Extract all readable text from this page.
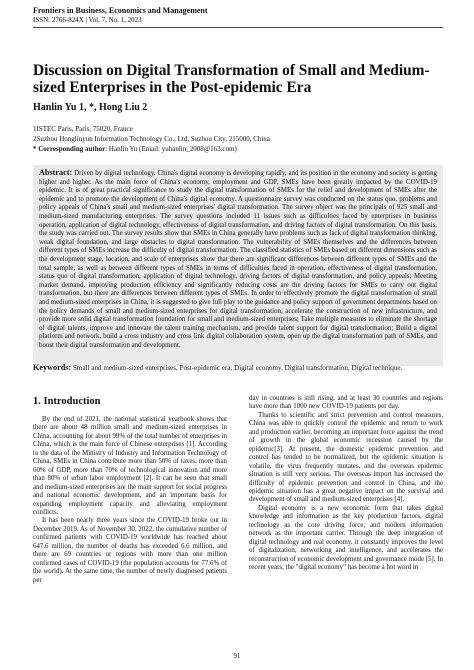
Frontiers in Business, Economics and Management
ISSN: 2766-824X | Vol. 7, No. 1, 2023
Discussion on Digital Transformation of Small and Medium-sized Enterprises in the Post-epidemic Era
Hanlin Yu 1, *, Hong Liu 2
1ISTEC Paris, Paris, 75020, France
2Suzhou Honglinyun Information Technology Co., Ltd, Suzhou City, 215000, China
* Corresponding author: Hanlin Yu (Email: yuhanlin_2008@163.com)
Abstract: Driven by digital technology, China's digital economy is developing rapidly, and its position in the economy and society is getting higher and higher. As the main force of China's economy, employment and GDP, SMEs have been greatly impacted by the COVID-19 epidemic. It is of great practical significance to study the digital transformation of SMEs for the relief and development of SMEs after the epidemic and to promote the development of China's digital economy. A questionnaire survey was conducted on the status quo, problems and policy appeals of China's small and medium-sized enterprises' digital transformation. The survey object was the principals of 925 small and medium-sized manufacturing enterprises. The survey questions included 11 issues such as difficulties faced by enterprises in business operation, application of digital technology, effectiveness of digital transformation, and driving factors of digital transformation. On this basis, the study was carried out. The survey results show that SMEs in China generally have problems such as lack of digital transformation thinking, weak digital foundation, and large obstacles to digital transformation. The vulnerability of SMEs themselves and the differences between different types of SMEs increase the difficulty of digital transformation. The classified statistics of SMEs based on different dimensions such as the development stage, location, and scale of enterprises show that there are significant differences between different types of SMEs and the total sample, as well as between different types of SMEs in terms of difficulties faced in operation, effectiveness of digital transformation, status quo of digital transformation, application of digital technology, driving factors of digital transformation, and policy appeals; Meeting market demand, improving production efficiency and significantly reducing costs are the driving factors for SMEs to carry out digital transformation, but there are differences between different types of SMEs. In order to effectively promote the digital transformation of small and medium-sized enterprises in China, it is suggested to give full play to the guidance and policy support of government departments based on the policy demands of small and medium-sized enterprises for digital transformation, accelerate the construction of new infrastructure, and provide more solid digital transformation foundation for small and medium-sized enterprises; Take multiple measures to eliminate the shortage of digital talents, improve and innovate the talent training mechanism, and provide talent support for digital transformation; Build a digital platform and network, build a cross industry and cross link digital collaboration system, open up the digital transformation path of SMEs, and boost their digital transformation and development.
Keywords: Small and medium-sized enterprises, Post-epidemic era, Digital economy, Digital transformation, Digital technique.
1. Introduction

By the end of 2021, the national statistical yearbook shows that there are about 48 million small and medium-sized enterprises in China, accounting for about 99% of the total number of enterprises in China, which is the main force of Chinese enterprises [1]. According to the data of the Ministry of Industry and Information Technology of China, SMEs in China contribute more than 50% of taxes, more than 60% of GDP, more than 70% of technological innovation and more than 80% of urban labor employment [2]. It can be seen that small and medium-sized enterprises are the main support for social progress and national economic development, and an important basis for expanding employment capacity and alleviating employment conflicts.

It has been nearly three years since the COVID-19 broke out in December 2019. As of November 30, 2022, the cumulative number of confirmed patients with COVID-19 worldwide has reached about 647.6 million, the number of deaths has exceeded 6.6 million, and there are 69 countries or regions with more than one million confirmed cases of COVID-19 (the population accounts for 77.6% of the world). At the same time, the number of newly diagnosed patients per

day in countries is still rising, and at least 30 countries and regions have more than 1000 new COVID-19 patients per day.

Thanks to scientific and strict prevention and control measures, China was able to quickly control the epidemic and return to work and production earlier, becoming an important force against the trend of growth in the global economic recession caused by the epidemic[3]. At present, the domestic epidemic prevention and control has tended to be normalized, but the epidemic situation is volatile, the virus frequently mutates, and the overseas epidemic situation is still very serious. The overseas import has increased the difficulty of epidemic prevention and control in China, and the epidemic situation has a great negative impact on the survival and development of small and medium-sized enterprises [4].

Digital economy is a new economic form that takes digital knowledge and information as the key production factors, digital technology as the core driving force, and modern information network as the important carrier. Through the deep integration of digital technology and real economy, it constantly improves the level of digitalization, networking and intelligence, and accelerates the reconstruction of economic development and governance mode [5]. In recent years, the "digital economy" has become a hot word in

91
